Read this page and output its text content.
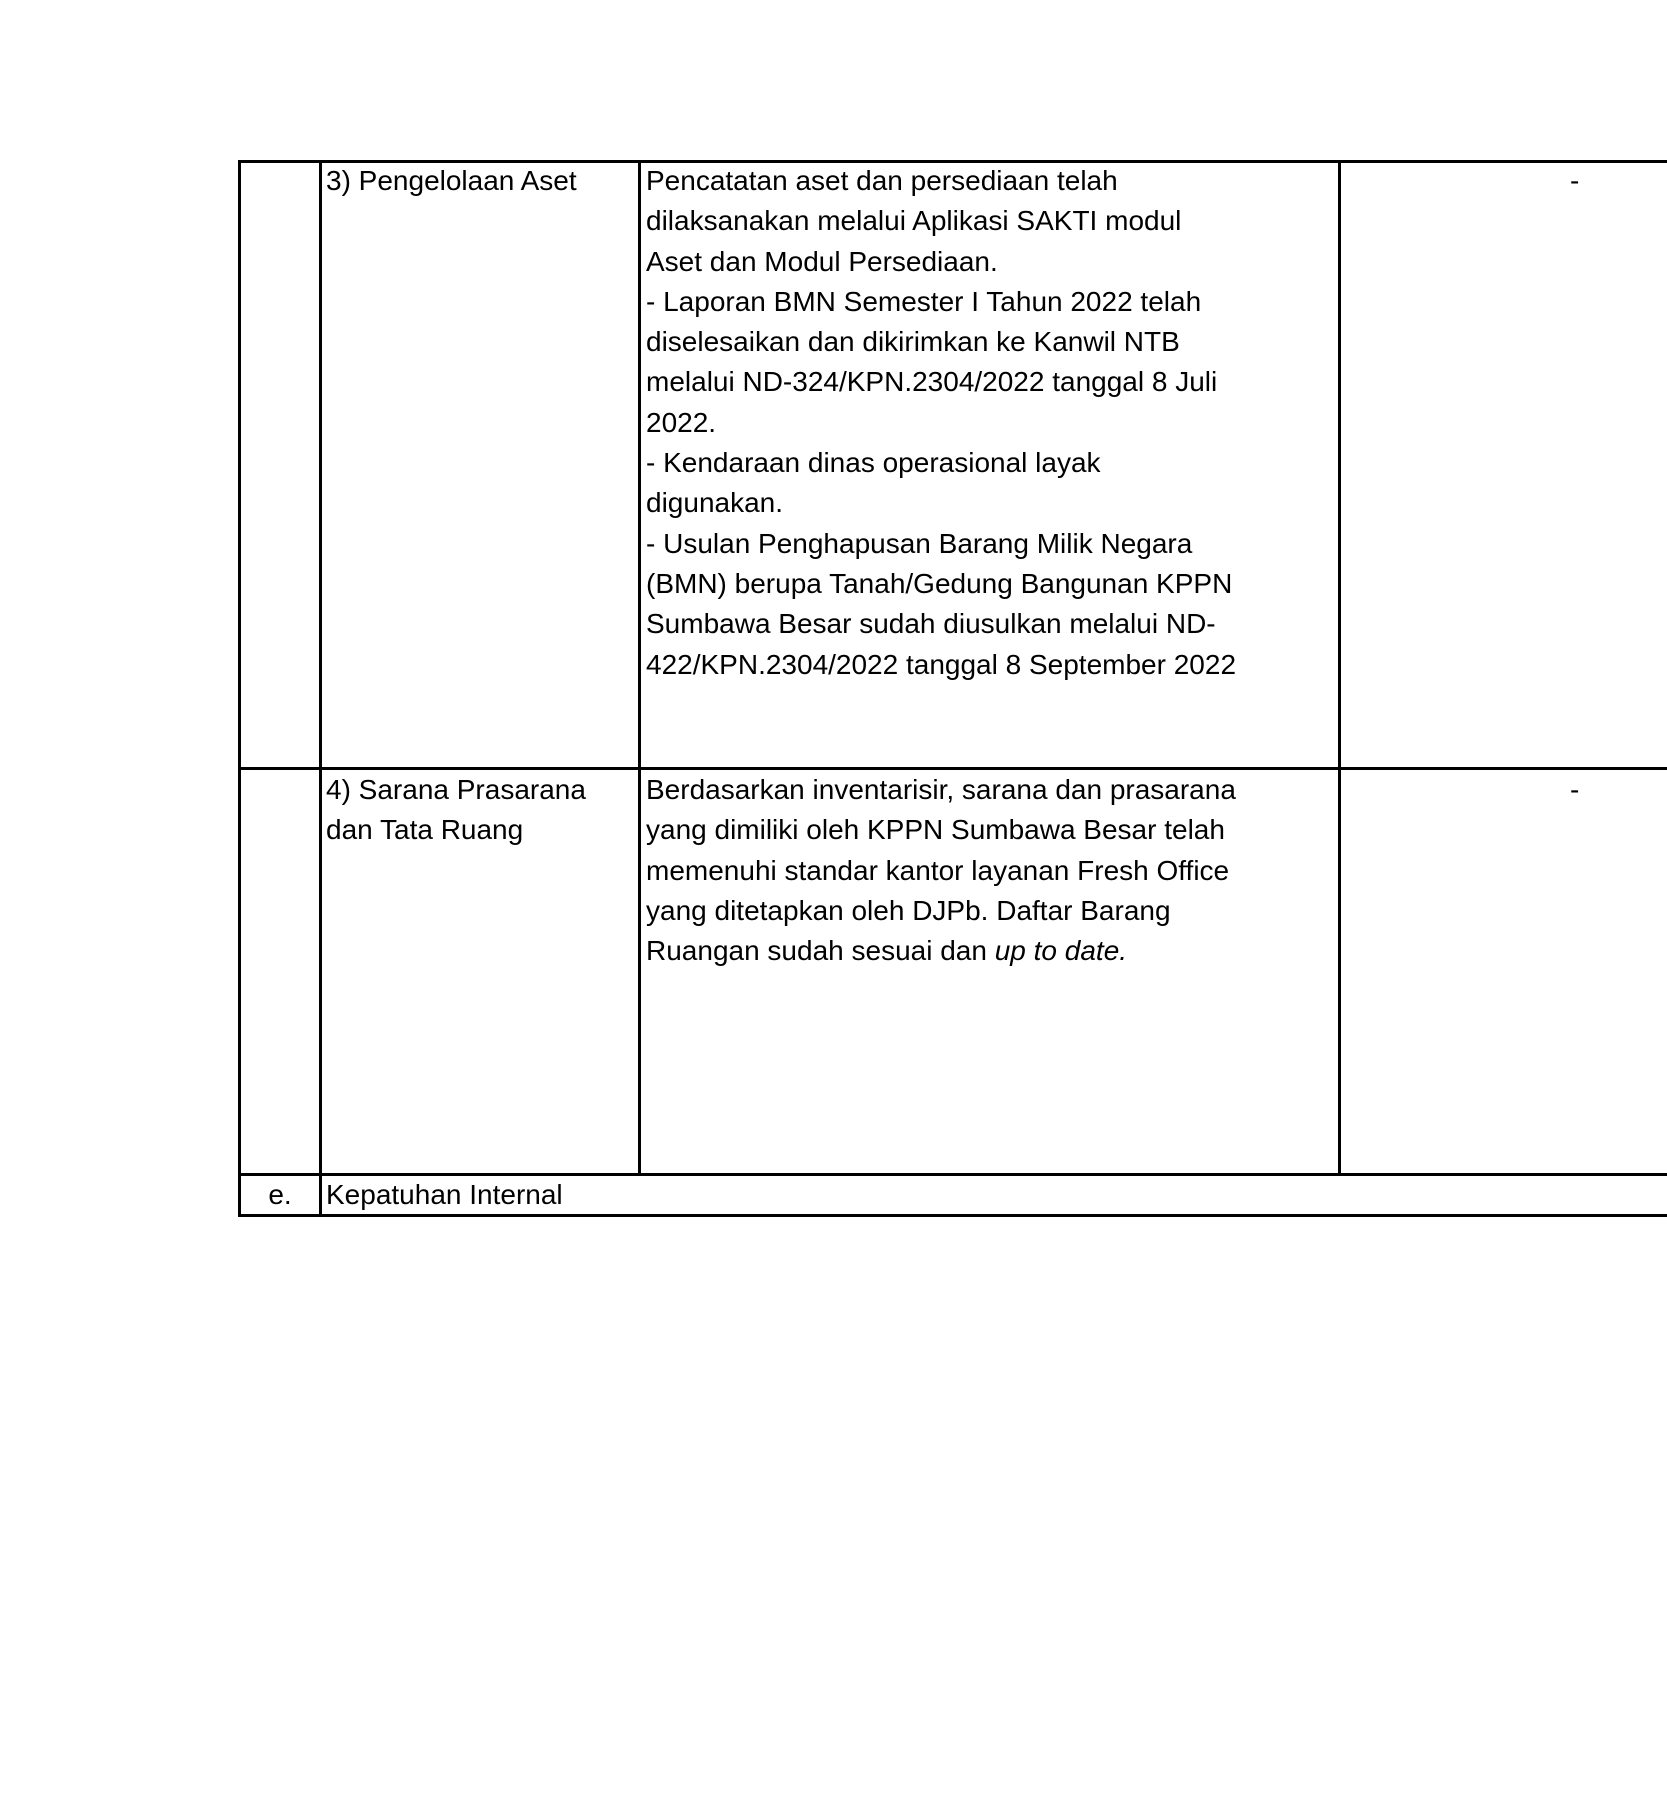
3) Pengelolaan Aset Pencatatan aset dan persediaan telah
dilaksanakan melalui Aplikasi SAKTI modul
Aset dan Modul Persediaan.
- Laporan BMN Semester I Tahun 2022 telah
diselesaikan dan dikirimkan ke Kanwil NTB
melalui ND-324/KPN.2304/2022 tanggal 8 Juli
2022.
- Kendaraan dinas operasional layak
digunakan.
- Usulan Penghapusan Barang Milik Negara
(BMN) berupa Tanah/Gedung Bangunan KPPN
Sumbawa Besar sudah diusulkan melalui ND-
422/KPN.2304/2022 tanggal 8 September 2022
-
4) Sarana Prasarana
dan Tata Ruang
Berdasarkan inventarisir, sarana dan prasarana
yang dimiliki oleh KPPN Sumbawa Besar telah
memenuhi standar kantor layanan Fresh Office
yang ditetapkan oleh DJPb. Daftar Barang
Ruangan sudah sesuai dan up to date.
-
e.	Kepatuhan Internal
